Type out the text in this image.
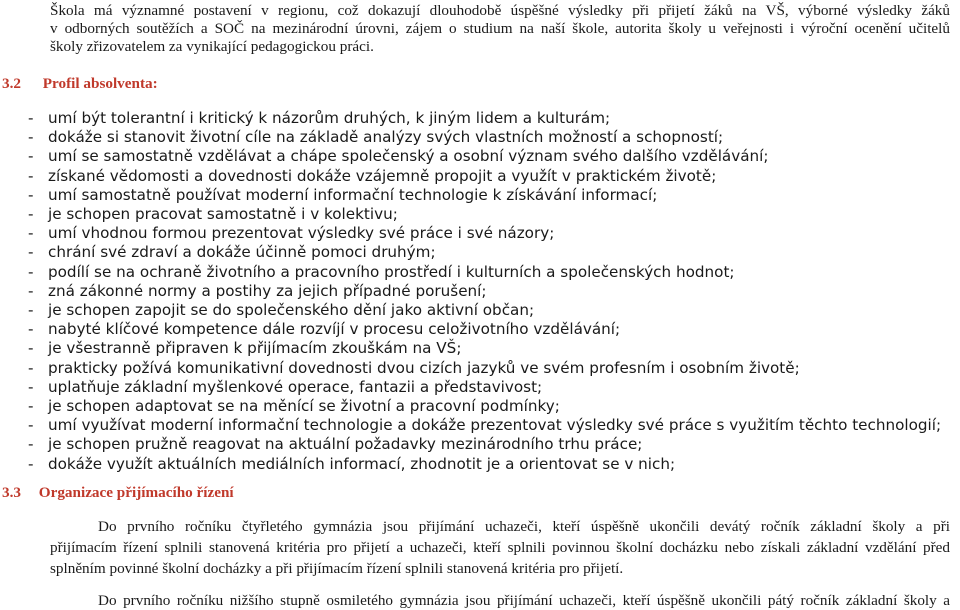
Škola má významné postavení v regionu, což dokazují dlouhodobě úspěšné výsledky při přijetí žáků na VŠ, výborné výsledky žáků
v odborných soutěžích a SOČ na mezinárodní úrovni, zájem o studium na naší škole, autorita školy u veřejnosti i výroční ocenění učitelů
školy zřizovatelem za vynikající pedagogickou práci.
3.2 Profil absolventa:
- umí být tolerantní i kritický k názorům druhých, k jiným lidem a kulturám;
- dokáže si stanovit životní cíle na základě analýzy svých vlastních možností a schopností;
- umí se samostatně vzdělávat a chápe společenský a osobní význam svého dalšího vzdělávání;
- získané vědomosti a dovednosti dokáže vzájemně propojit a využít v praktickém životě;
- umí samostatně používat moderní informační technologie k získávání informací;
- je schopen pracovat samostatně i v kolektivu;
- umí vhodnou formou prezentovat výsledky své práce i své názory;
- chrání své zdraví a dokáže účinně pomoci druhým;
- podílí se na ochraně životního a pracovního prostředí i kulturních a společenských hodnot;
- zná zákonné normy a postihy za jejich případné porušení;
- je schopen zapojit se do společenského dění jako aktivní občan;
- nabyté klíčové kompetence dále rozvíjí v procesu celoživotního vzdělávání;
- je všestranně připraven k přijímacím zkouškám na VŠ;
- prakticky požívá komunikativní dovednosti dvou cizích jazyků ve svém profesním i osobním životě;
- uplatňuje základní myšlenkové operace, fantazii a představivost;
- je schopen adaptovat se na měnící se životní a pracovní podmínky;
- umí využívat moderní informační technologie a dokáže prezentovat výsledky své práce s využitím těchto technologií;
- je schopen pružně reagovat na aktuální požadavky mezinárodního trhu práce;
- dokáže využít aktuálních mediálních informací, zhodnotit je a orientovat se v nich;
3.3 Organizace přijímacího řízení
Do prvního ročníku čtyřletého gymnázia jsou přijímání uchazeči, kteří úspěšně ukončili devátý ročník základní školy a při
přijímacím řízení splnili stanovená kritéria pro přijetí a uchazeči, kteří splnili povinnou školní docházku nebo získali základní vzdělání před
splněním povinné školní docházky a při přijímacím řízení splnili stanovená kritéria pro přijetí.
Do prvního ročníku nižšího stupně osmiletého gymnázia jsou přijímání uchazeči, kteří úspěšně ukončili pátý ročník základní školy a
